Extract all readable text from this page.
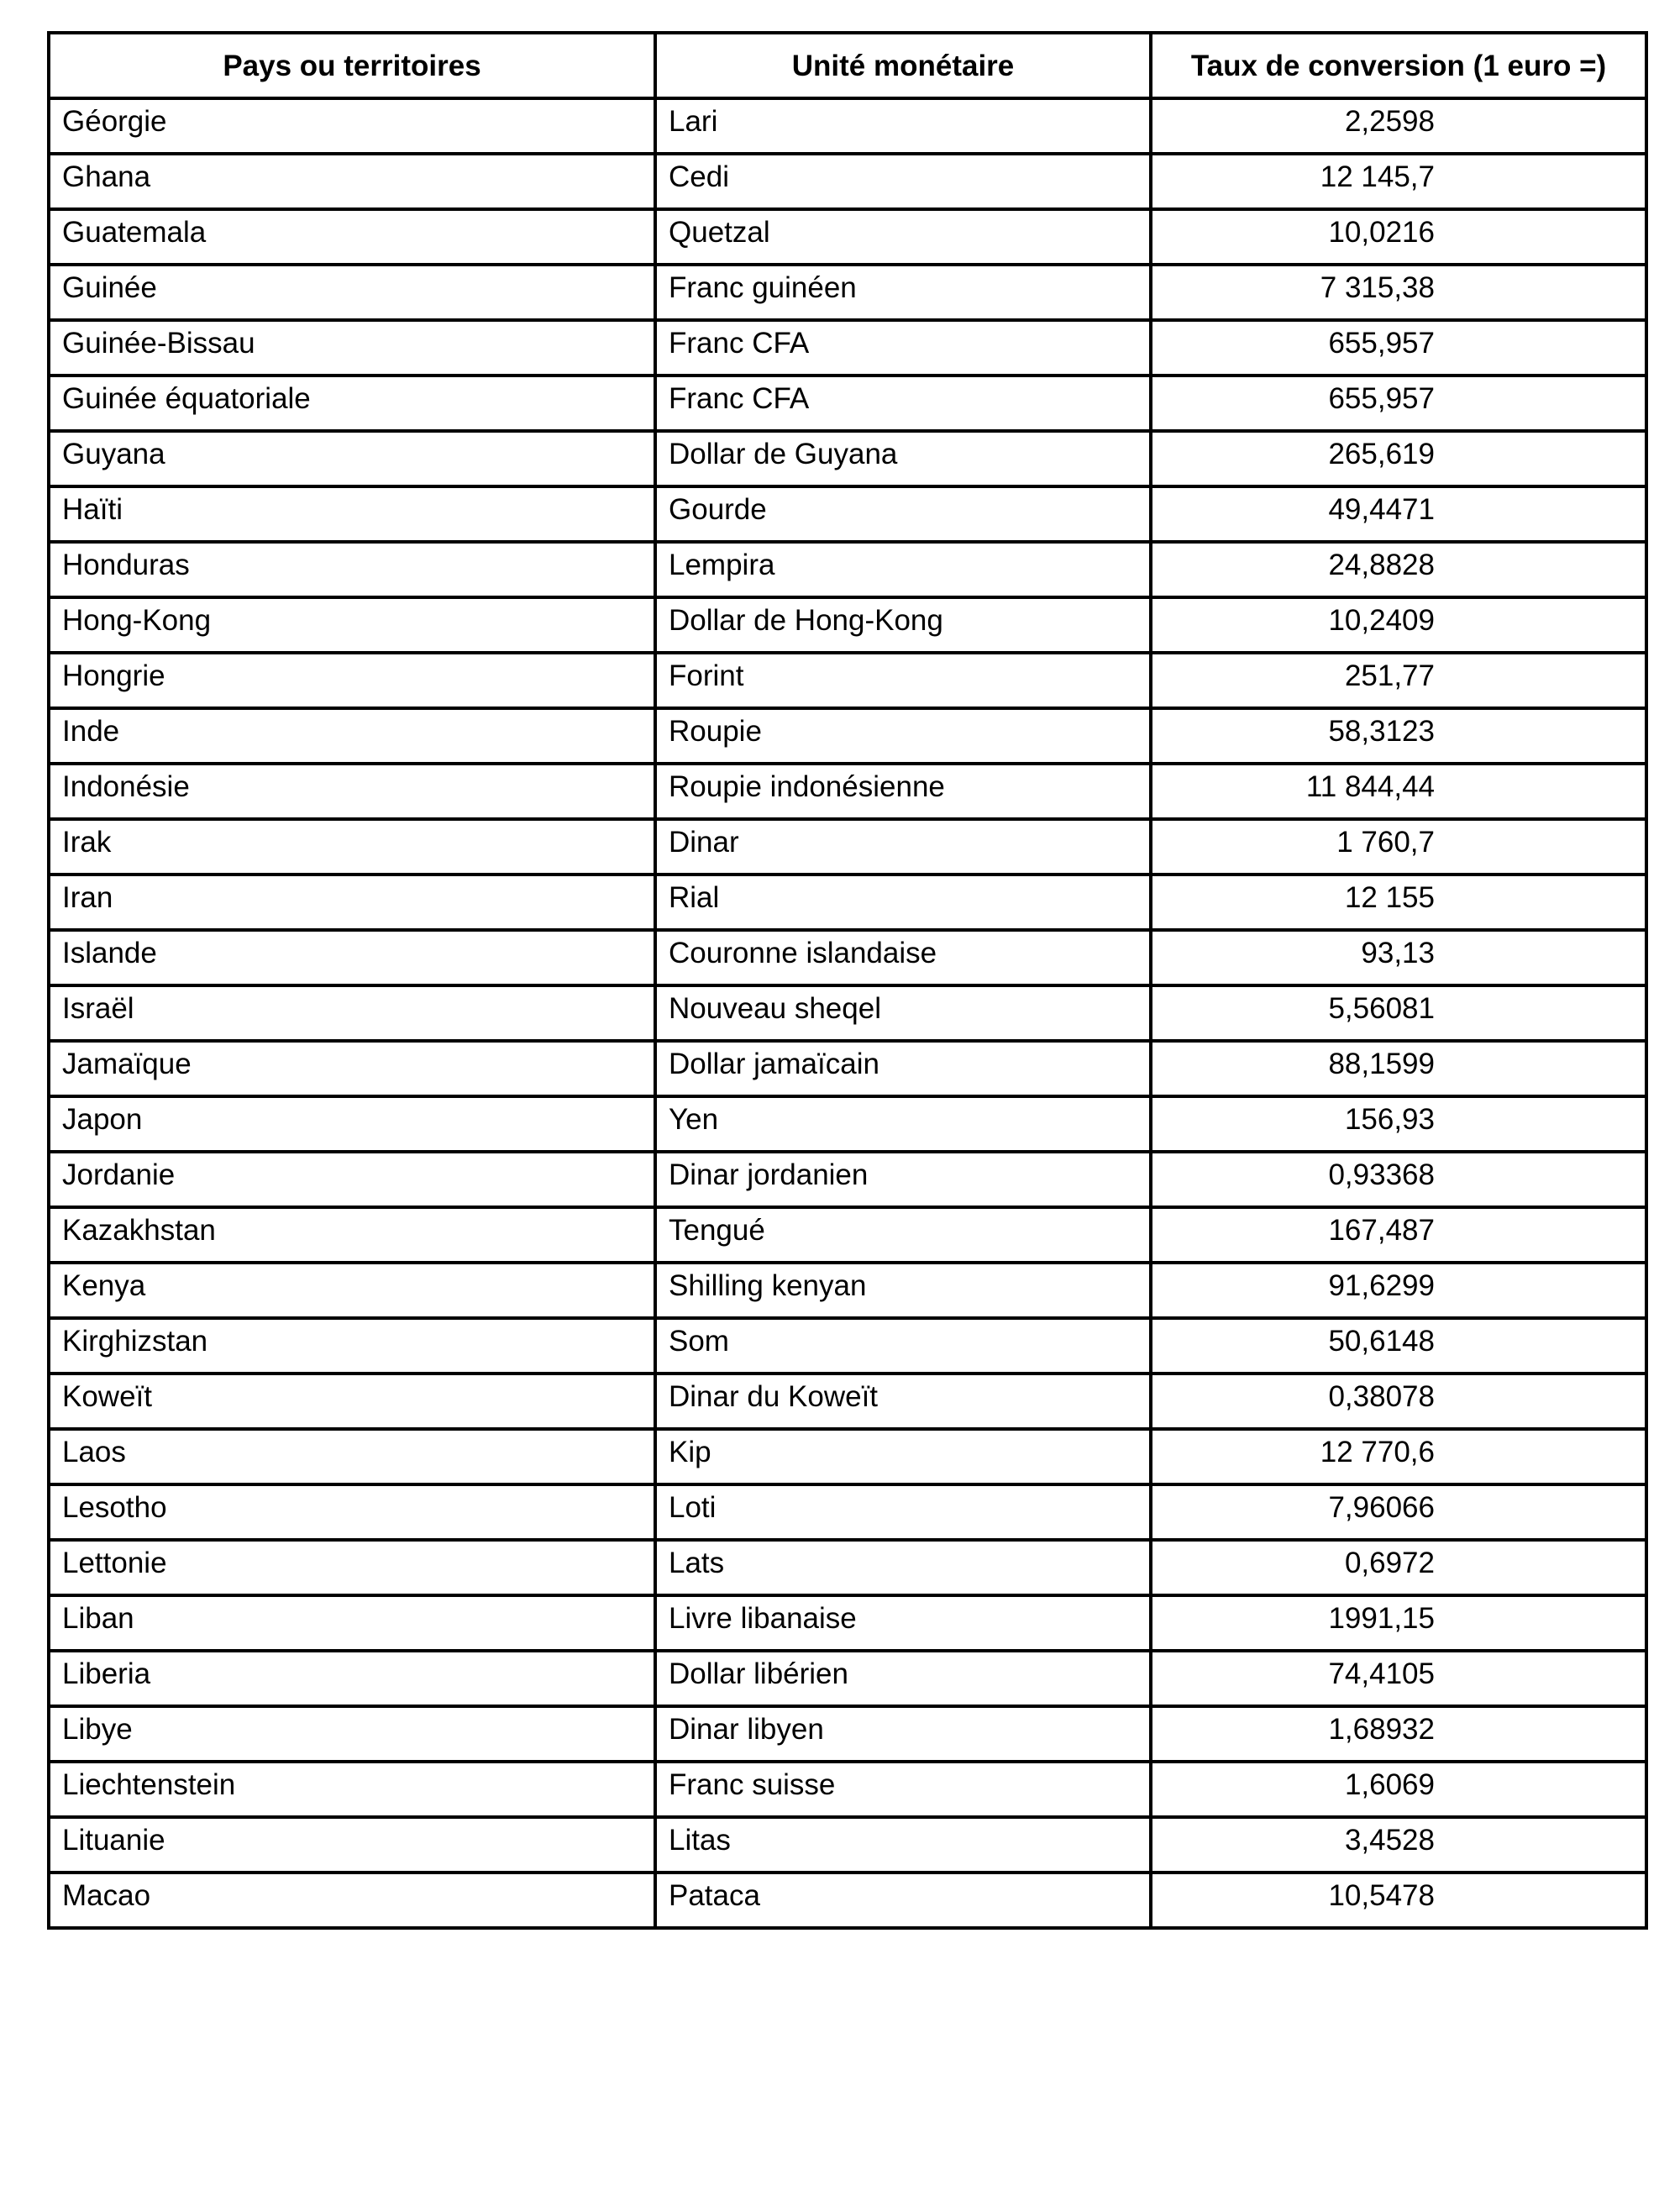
Pays ou territoires	Unité monétaire	Taux de conversion (1 euro =)
Géorgie	Lari	2,2598
Ghana	Cedi	12 145,7
Guatemala	Quetzal	10,0216
Guinée	Franc guinéen	7 315,38
Guinée-Bissau	Franc CFA	655,957
Guinée équatoriale	Franc CFA	655,957
Guyana	Dollar de Guyana	265,619
Haïti	Gourde	49,4471
Honduras	Lempira	24,8828
Hong-Kong	Dollar de Hong-Kong	10,2409
Hongrie	Forint	251,77
Inde	Roupie	58,3123
Indonésie	Roupie indonésienne	11 844,44
Irak	Dinar	1 760,7
Iran	Rial	12 155
Islande	Couronne islandaise	93,13
Israël	Nouveau sheqel	5,56081
Jamaïque	Dollar jamaïcain	88,1599
Japon	Yen	156,93
Jordanie	Dinar jordanien	0,93368
Kazakhstan	Tengué	167,487
Kenya	Shilling kenyan	91,6299
Kirghizstan	Som	50,6148
Koweït	Dinar du Koweït	0,38078
Laos	Kip	12 770,6
Lesotho	Loti	7,96066
Lettonie	Lats	0,6972
Liban	Livre libanaise	1991,15
Liberia	Dollar libérien	74,4105
Libye	Dinar libyen	1,68932
Liechtenstein	Franc suisse	1,6069
Lituanie	Litas	3,4528
Macao	Pataca	10,5478
